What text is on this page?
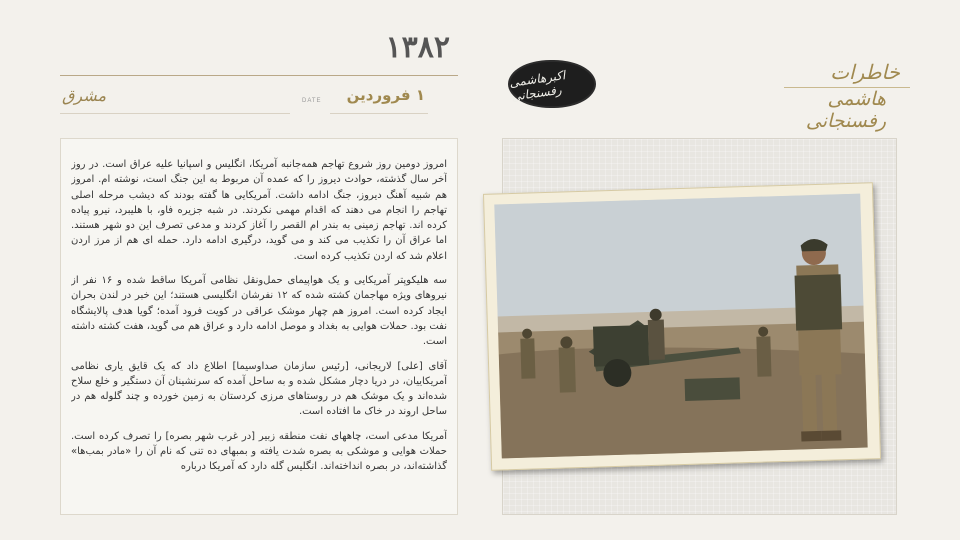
۱۳۸۲
DATE	۱ فروردین
مشرق
اکبرهاشمی رفسنجانی
خاطرات
هاشمی رفسنجانی

امروز دومین روز شروع تهاجم همه‌جانبه آمریکا، انگلیس و اسپانیا علیه عراق است. در روز آخر سال گذشته، حوادث دیروز را که عمده آن مربوط به این جنگ است، نوشته ام. امروز هم شبیه آهنگ دیروز، جنگ ادامه داشت. آمریکایی ها گفته بودند که دیشب مرحله اصلی تهاجم را انجام می دهند که اقدام مهمی نکردند. در شبه جزیره فاو، با هلیبرد، نیرو پیاده کرده اند. تهاجم زمینی به بندر ام القصر را آغاز کردند و مدعی تصرف این دو شهر هستند. اما عراق آن را تکذیب می کند و می گوید، درگیری ادامه دارد. حمله ای هم از مرز اردن اعلام شد که اردن تکذیب کرده است.

سه هلیکوپتر آمریکایی و یک هواپیمای حمل‌ونقل نظامی آمریکا ساقط شده و ۱۶ نفر از نیروهای ویژه مهاجمان کشته شده که ۱۲ نفرشان انگلیسی هستند؛ این خبر در لندن بحران ایجاد کرده است. امروز هم چهار موشک عراقی در کویت فرود آمده؛ گویا هدف پالایشگاه نفت بود. حملات هوایی به بغداد و موصل ادامه دارد و عراق هم می گوید، هفت کشته داشته است.

آقای [علی] لاریجانی، [رئیس سازمان صداوسیما] اطلاع داد که یک قایق یاری نظامی آمریکاییان، در دریا دچار مشکل شده و به ساحل آمده که سرنشینان آن دستگیر و خلع سلاح شده‌اند و یک موشک هم در روستاهای مرزی کردستان به زمین خورده و چند گلوله هم در ساحل اروند در خاک ما افتاده است.

آمریکا مدعی است، چاههای نفت منطقه زبیر [در غرب شهر بصره] را تصرف کرده است. حملات هوایی و موشکی به بصره شدت یافته و بمبهای ده تنی که نام آن را «مادر بمب‌ها» گذاشته‌اند، در بصره انداخته‌اند. انگلیس گله دارد که آمریکا درباره
